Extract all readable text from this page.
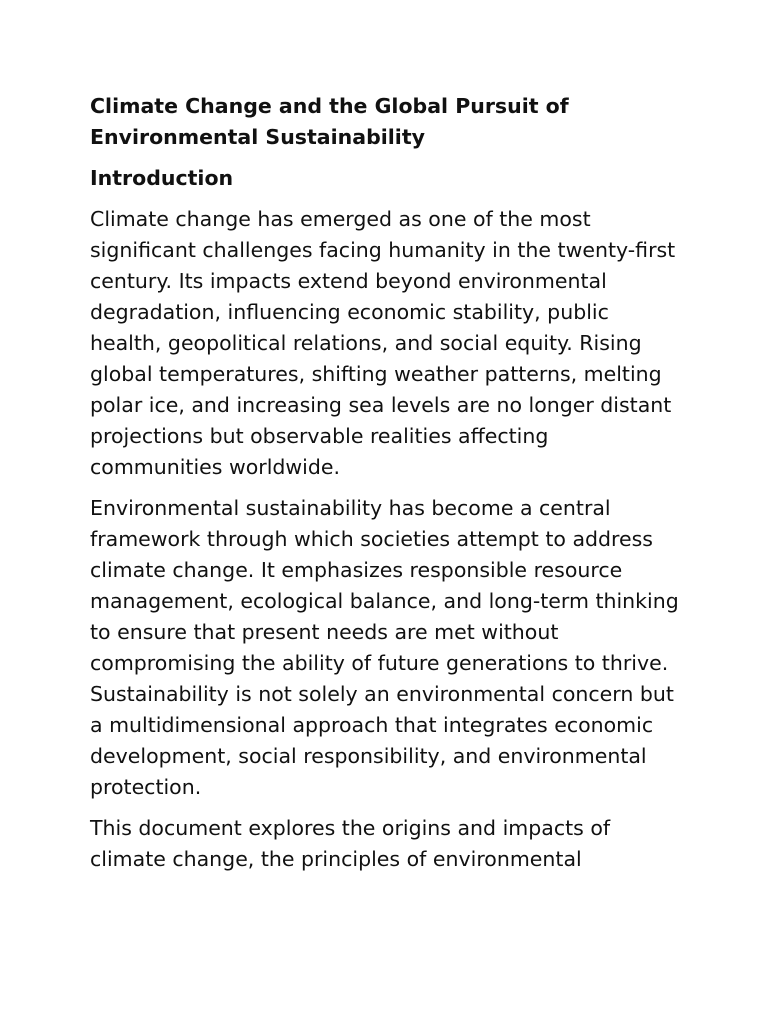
Climate Change and the Global Pursuit of Environmental Sustainability
Introduction

Climate change has emerged as one of the most significant challenges facing humanity in the twenty-first century. Its impacts extend beyond environmental degradation, influencing economic stability, public health, geopolitical relations, and social equity. Rising global temperatures, shifting weather patterns, melting polar ice, and increasing sea levels are no longer distant projections but observable realities affecting communities worldwide.

Environmental sustainability has become a central framework through which societies attempt to address climate change. It emphasizes responsible resource management, ecological balance, and long-term thinking to ensure that present needs are met without compromising the ability of future generations to thrive. Sustainability is not solely an environmental concern but a multidimensional approach that integrates economic development, social responsibility, and environmental protection.

This document explores the origins and impacts of climate change, the principles of environmental
